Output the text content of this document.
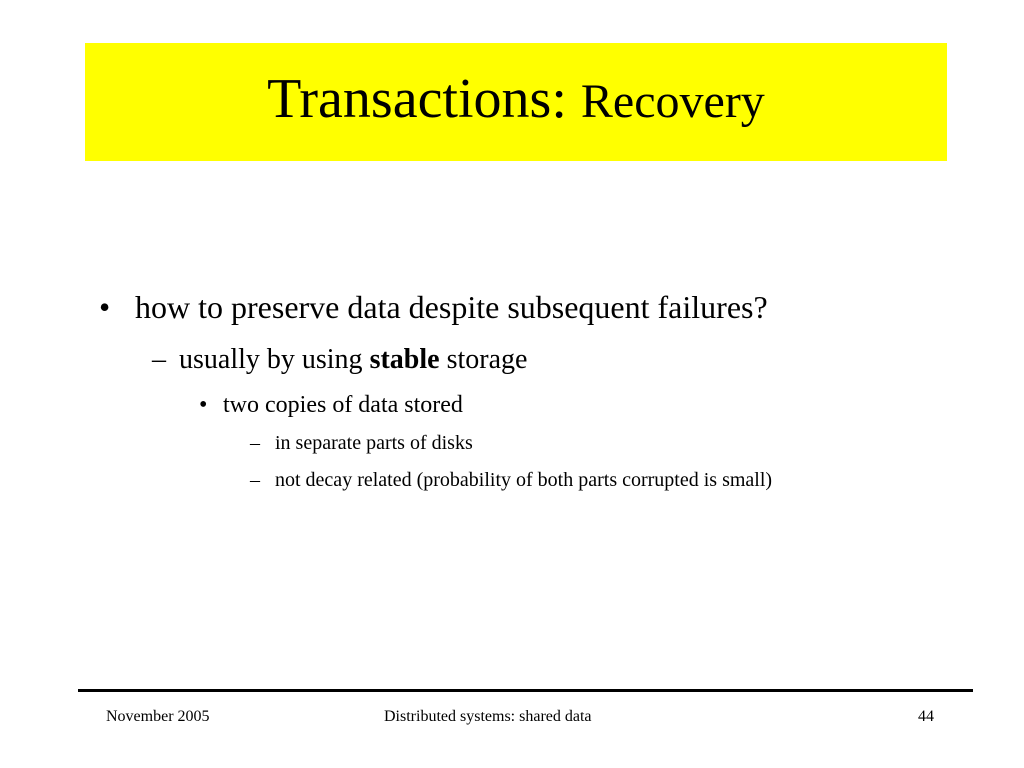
Transactions: Recovery
• how to preserve data despite subsequent failures?
– usually by using stable storage
• two copies of data stored
– in separate parts of disks
– not decay related (probability of both parts corrupted is small)
November 2005	Distributed systems: shared data	44
